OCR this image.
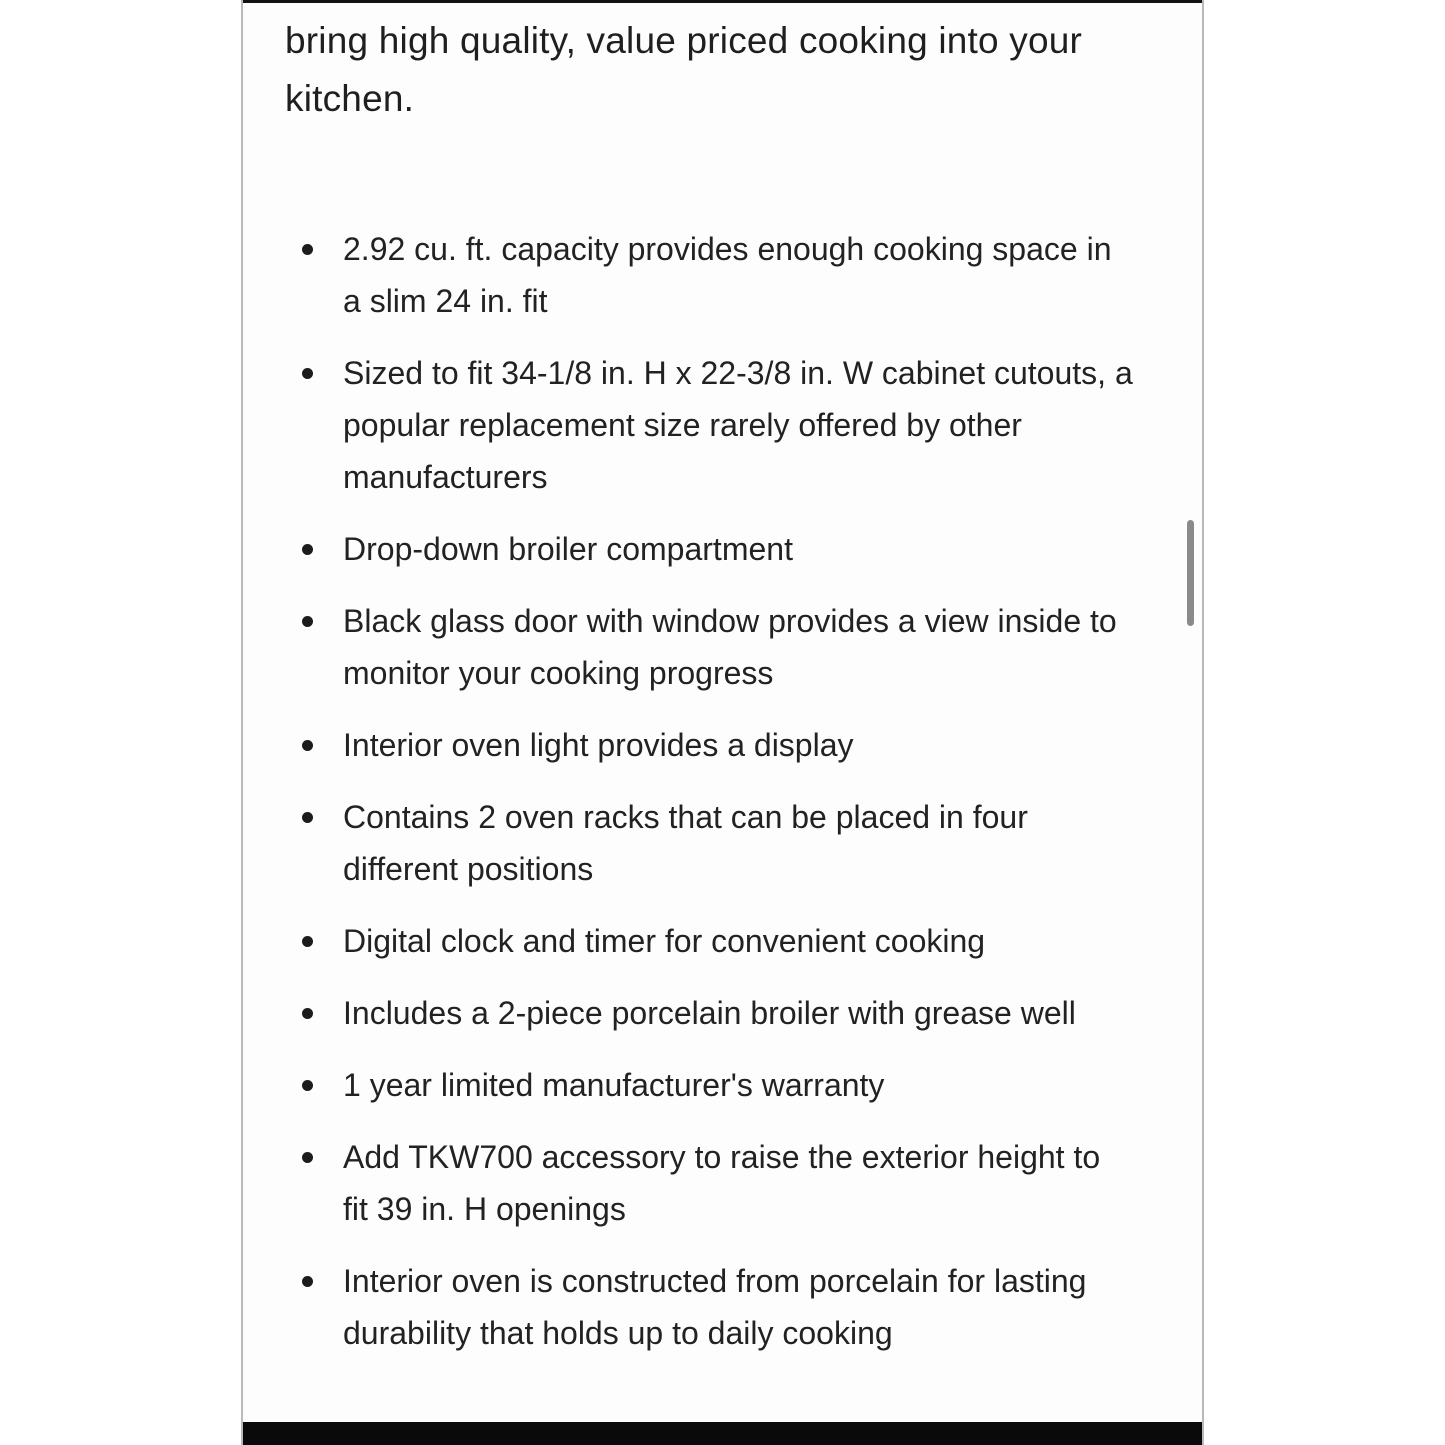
bring high quality, value priced cooking into your kitchen.

2.92 cu. ft. capacity provides enough cooking space in a slim 24 in. fit
Sized to fit 34-1/8 in. H x 22-3/8 in. W cabinet cutouts, a popular replacement size rarely offered by other manufacturers
Drop-down broiler compartment
Black glass door with window provides a view inside to monitor your cooking progress
Interior oven light provides a display
Contains 2 oven racks that can be placed in four different positions
Digital clock and timer for convenient cooking
Includes a 2-piece porcelain broiler with grease well
1 year limited manufacturer's warranty
Add TKW700 accessory to raise the exterior height to fit 39 in. H openings
Interior oven is constructed from porcelain for lasting durability that holds up to daily cooking
